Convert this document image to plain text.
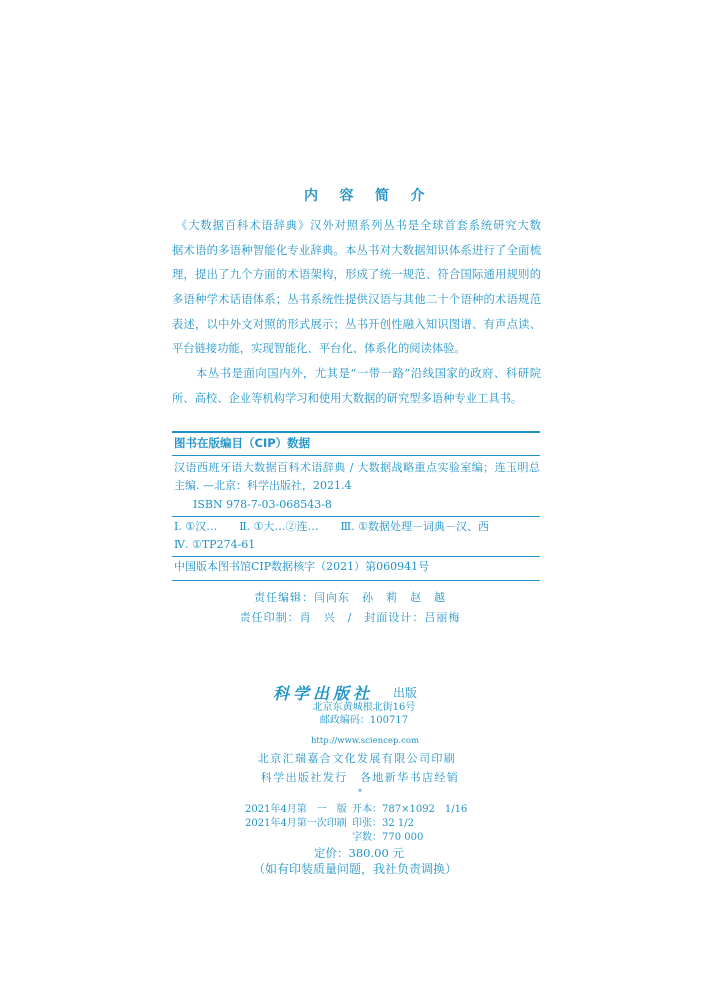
内容简介
《大数据百科术语辞典》汉外对照系列丛书是全球首套系统研究大数
据术语的多语种智能化专业辞典。本丛书对大数据知识体系进行了全面梳
理，提出了九个方面的术语架构，形成了统一规范、符合国际通用规则的
多语种学术话语体系；丛书系统性提供汉语与其他二十个语种的术语规范
表述，以中外文对照的形式展示；丛书开创性融入知识图谱、有声点读、
平台链接功能，实现智能化、平台化、体系化的阅读体验。
本丛书是面向国内外，尤其是“一带一路”沿线国家的政府、科研院
所、高校、企业等机构学习和使用大数据的研究型多语种专业工具书。
图书在版编目（CIP）数据
汉语西班牙语大数据百科术语辞典 / 大数据战略重点实验室编；连玉明总
主编. —北京：科学出版社，2021.4
ISBN 978-7-03-068543-8
Ⅰ. ①汉…　　Ⅱ. ①大…②连…　　Ⅲ. ①数据处理－词典－汉、西
Ⅳ. ①TP274-61
中国版本图书馆CIP数据核字（2021）第060941号
责任编辑：闫向东　孙　莉　赵　越
责任印制：肖　兴　/　封面设计：吕丽梅
科学出版社 出版
北京东黄城根北街16号
邮政编码：100717
http://www.sciencep.com
北京汇瑞嘉合文化发展有限公司印刷
科学出版社发行　各地新华书店经销
*
2021年4月第　一　版 开本：787×1092　1/16
2021年4月第一次印刷 印张：32 1/2
字数：770 000
定价：380.00 元
（如有印装质量问题，我社负责调换）
